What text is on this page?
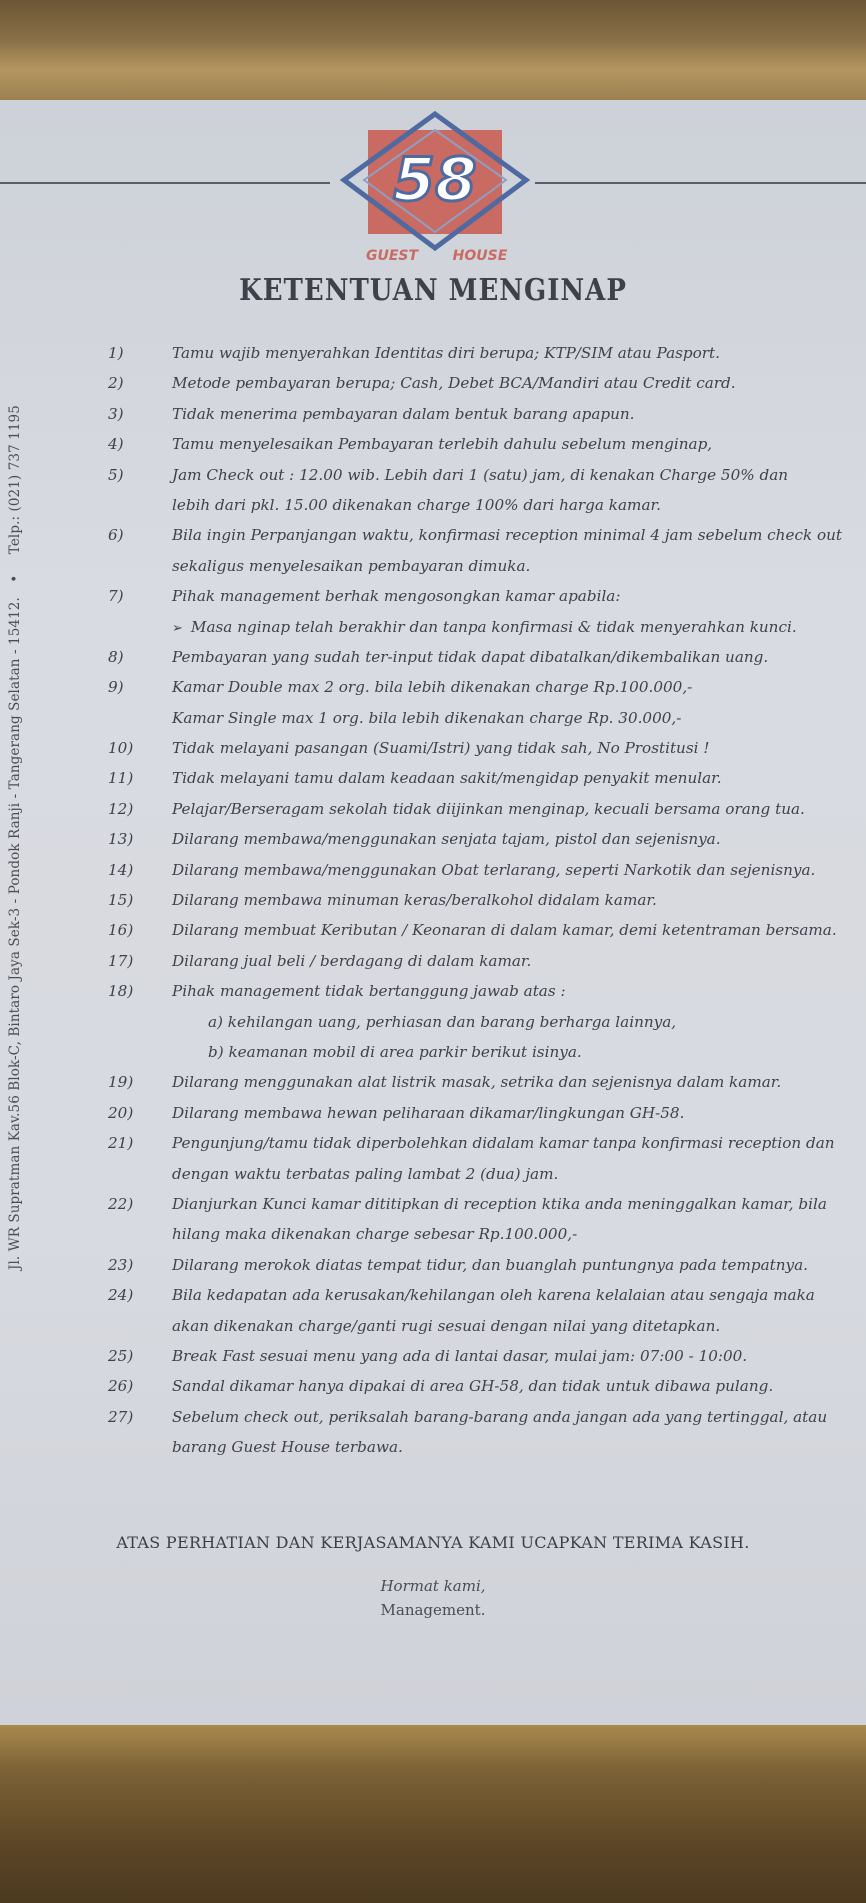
Jl. WR Supratman Kav.56 Blok-C, Bintaro Jaya Sek-3 - Pondok Ranji - Tangerang Selatan - 15412. • Telp.: (021) 737 1195
58
GUEST HOUSE
KETENTUAN MENGINAP
1)	Tamu wajib menyerahkan Identitas diri berupa; KTP/SIM atau Pasport.
2)	Metode pembayaran berupa; Cash, Debet BCA/Mandiri atau Credit card.
3)	Tidak menerima pembayaran dalam bentuk barang apapun.
4)	Tamu menyelesaikan Pembayaran terlebih dahulu sebelum menginap,
5)	Jam Check out : 12.00 wib. Lebih dari 1 (satu) jam, di kenakan Charge 50% dan
lebih dari pkl. 15.00 dikenakan charge 100% dari harga kamar.
6)	Bila ingin Perpanjangan waktu, konfirmasi reception minimal 4 jam sebelum check out
sekaligus menyelesaikan pembayaran dimuka.
7)	Pihak management berhak mengosongkan kamar apabila:
➢ Masa nginap telah berakhir dan tanpa konfirmasi & tidak menyerahkan kunci.
8)	Pembayaran yang sudah ter-input tidak dapat dibatalkan/dikembalikan uang.
9)	Kamar Double max 2 org. bila lebih dikenakan charge Rp.100.000,-
Kamar Single max 1 org. bila lebih dikenakan charge Rp. 30.000,-
10)	Tidak melayani pasangan (Suami/Istri) yang tidak sah, No Prostitusi !
11)	Tidak melayani tamu dalam keadaan sakit/mengidap penyakit menular.
12)	Pelajar/Berseragam sekolah tidak diijinkan menginap, kecuali bersama orang tua.
13)	Dilarang membawa/menggunakan senjata tajam, pistol dan sejenisnya.
14)	Dilarang membawa/menggunakan Obat terlarang, seperti Narkotik dan sejenisnya.
15)	Dilarang membawa minuman keras/beralkohol didalam kamar.
16)	Dilarang membuat Keributan / Keonaran di dalam kamar, demi ketentraman bersama.
17)	Dilarang jual beli / berdagang di dalam kamar.
18)	Pihak management tidak bertanggung jawab atas :
a) kehilangan uang, perhiasan dan barang berharga lainnya,
b) keamanan mobil di area parkir berikut isinya.
19)	Dilarang menggunakan alat listrik masak, setrika dan sejenisnya dalam kamar.
20)	Dilarang membawa hewan peliharaan dikamar/lingkungan GH-58.
21)	Pengunjung/tamu tidak diperbolehkan didalam kamar tanpa konfirmasi reception dan
dengan waktu terbatas paling lambat 2 (dua) jam.
22)	Dianjurkan Kunci kamar dititipkan di reception ktika anda meninggalkan kamar, bila
hilang maka dikenakan charge sebesar Rp.100.000,-
23)	Dilarang merokok diatas tempat tidur, dan buanglah puntungnya pada tempatnya.
24)	Bila kedapatan ada kerusakan/kehilangan oleh karena kelalaian atau sengaja maka
akan dikenakan charge/ganti rugi sesuai dengan nilai yang ditetapkan.
25)	Break Fast sesuai menu yang ada di lantai dasar, mulai jam: 07:00 - 10:00.
26)	Sandal dikamar hanya dipakai di area GH-58, dan tidak untuk dibawa pulang.
27)	Sebelum check out, periksalah barang-barang anda jangan ada yang tertinggal, atau
barang Guest House terbawa.
ATAS PERHATIAN DAN KERJASAMANYA KAMI UCAPKAN TERIMA KASIH.
Hormat kami,
Management.
